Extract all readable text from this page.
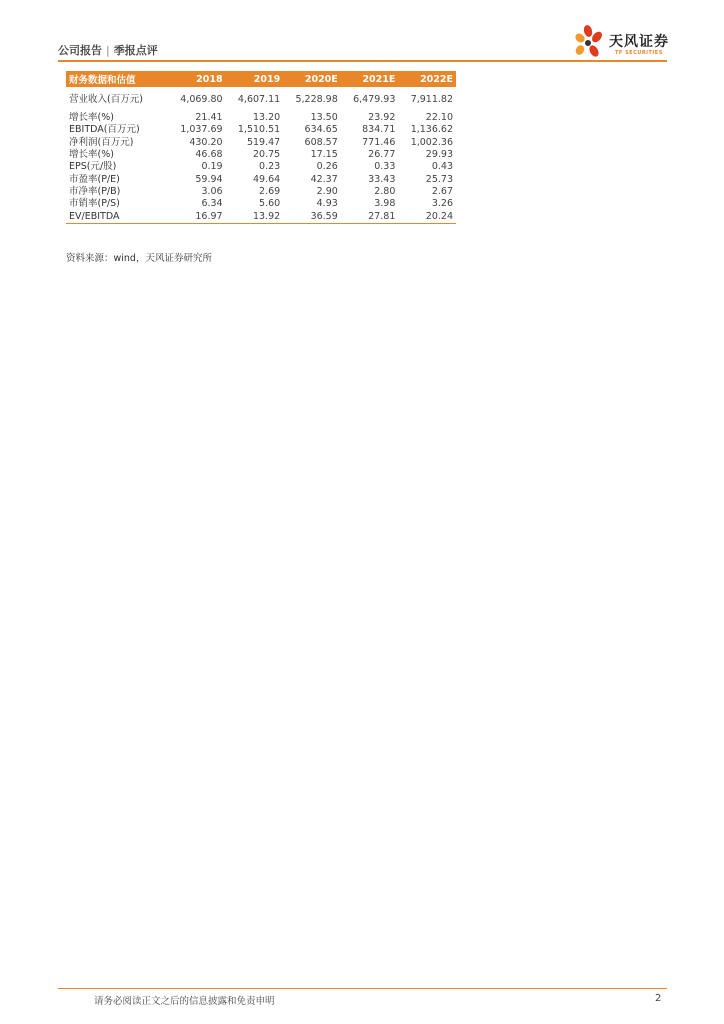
公司报告 | 季报点评
天风证券
TF SECURITIES
财务数据和估值	2018	2019	2020E	2021E	2022E
营业收入(百万元)	4,069.80	4,607.11	5,228.98	6,479.93	7,911.82
增长率(%)	21.41	13.20	13.50	23.92	22.10
EBITDA(百万元)	1,037.69	1,510.51	634.65	834.71	1,136.62
净利润(百万元)	430.20	519.47	608.57	771.46	1,002.36
增长率(%)	46.68	20.75	17.15	26.77	29.93
EPS(元/股)	0.19	0.23	0.26	0.33	0.43
市盈率(P/E)	59.94	49.64	42.37	33.43	25.73
市净率(P/B)	3.06	2.69	2.90	2.80	2.67
市销率(P/S)	6.34	5.60	4.93	3.98	3.26
EV/EBITDA	16.97	13.92	36.59	27.81	20.24
资料来源：wind，天风证券研究所
请务必阅读正文之后的信息披露和免责申明	2
